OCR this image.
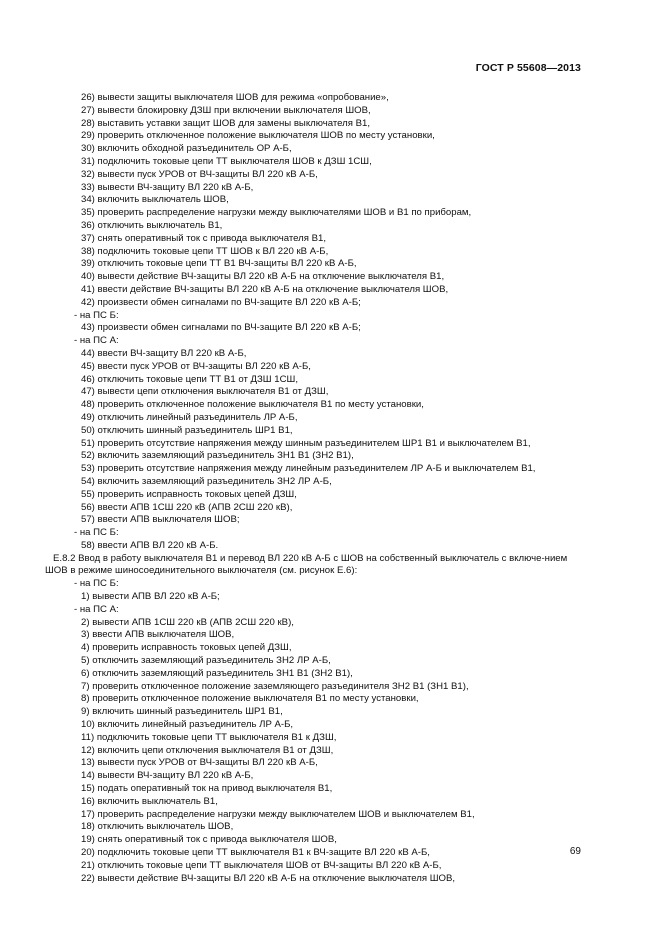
ГОСТ Р 55608—2013
26) вывести защиты выключателя ШОВ для режима «опробование»,
27) вывести блокировку ДЗШ при включении выключателя ШОВ,
28) выставить уставки защит ШОВ для замены выключателя В1,
29) проверить отключенное положение выключателя ШОВ по месту установки,
30) включить обходной разъединитель ОР А-Б,
31) подключить токовые цепи ТТ выключателя ШОВ к ДЗШ 1СШ,
32) вывести пуск УРОВ от ВЧ-защиты ВЛ 220 кВ А-Б,
33) вывести ВЧ-защиту ВЛ 220 кВ А-Б,
34) включить выключатель ШОВ,
35) проверить распределение нагрузки между выключателями ШОВ и В1 по приборам,
36) отключить выключатель В1,
37) снять оперативный ток с привода выключателя В1,
38) подключить токовые цепи ТТ ШОВ к ВЛ 220 кВ А-Б,
39) отключить токовые цепи ТТ В1 ВЧ-защиты ВЛ 220 кВ А-Б,
40) вывести действие ВЧ-защиты ВЛ 220 кВ А-Б на отключение выключателя В1,
41) ввести действие ВЧ-защиты ВЛ 220 кВ А-Б на отключение выключателя ШОВ,
42) произвести обмен сигналами по ВЧ-защите ВЛ 220 кВ А-Б;
- на ПС Б:
43) произвести обмен сигналами по ВЧ-защите ВЛ 220 кВ А-Б;
- на ПС А:
44) ввести ВЧ-защиту ВЛ 220 кВ А-Б,
45) ввести пуск УРОВ от ВЧ-защиты ВЛ 220 кВ А-Б,
46) отключить токовые цепи ТТ В1 от ДЗШ 1СШ,
47) вывести цепи отключения выключателя В1 от ДЗШ,
48) проверить отключенное положение выключателя В1 по месту установки,
49) отключить линейный разъединитель ЛР А-Б,
50) отключить шинный разъединитель ШР1 В1,
51) проверить отсутствие напряжения между шинным разъединителем ШР1 В1 и выключателем В1,
52) включить заземляющий разъединитель ЗН1 В1 (ЗН2 В1),
53) проверить отсутствие напряжения между линейным разъединителем ЛР А-Б и выключателем В1,
54) включить заземляющий разъединитель ЗН2 ЛР А-Б,
55) проверить исправность токовых цепей ДЗШ,
56) ввести АПВ 1СШ 220 кВ (АПВ 2СШ 220 кВ),
57) ввести АПВ выключателя ШОВ;
- на ПС Б:
58) ввести АПВ ВЛ 220 кВ А-Б.
Е.8.2 Ввод в работу выключателя В1 и перевод ВЛ 220 кВ А-Б с ШОВ на собственный выключатель с включе-нием ШОВ в режиме шиносоединительного выключателя (см. рисунок Е.6):
- на ПС Б:
1) вывести АПВ ВЛ 220 кВ А-Б;
- на ПС А:
2) вывести АПВ 1СШ 220 кВ (АПВ 2СШ 220 кВ),
3) ввести АПВ выключателя ШОВ,
4) проверить исправность токовых цепей ДЗШ,
5) отключить заземляющий разъединитель ЗН2 ЛР А-Б,
6) отключить заземляющий разъединитель ЗН1 В1 (ЗН2 В1),
7) проверить отключенное положение заземляющего разъединителя ЗН2 В1 (ЗН1 В1),
8) проверить отключенное положение выключателя В1 по месту установки,
9) включить шинный разъединитель ШР1 В1,
10) включить линейный разъединитель ЛР А-Б,
11) подключить токовые цепи ТТ выключателя В1 к ДЗШ,
12) включить цепи отключения выключателя В1 от ДЗШ,
13) вывести пуск УРОВ от ВЧ-защиты ВЛ 220 кВ А-Б,
14) вывести ВЧ-защиту ВЛ 220 кВ А-Б,
15) подать оперативный ток на привод выключателя В1,
16) включить выключатель В1,
17) проверить распределение нагрузки между выключателем ШОВ и выключателем В1,
18) отключить выключатель ШОВ,
19) снять оперативный ток с привода выключателя ШОВ,
20) подключить токовые цепи ТТ выключателя В1 к ВЧ-защите ВЛ 220 кВ А-Б,
21) отключить токовые цепи ТТ выключателя ШОВ от ВЧ-защиты ВЛ 220 кВ А-Б,
22) вывести действие ВЧ-защиты ВЛ 220 кВ А-Б на отключение выключателя ШОВ,
69
